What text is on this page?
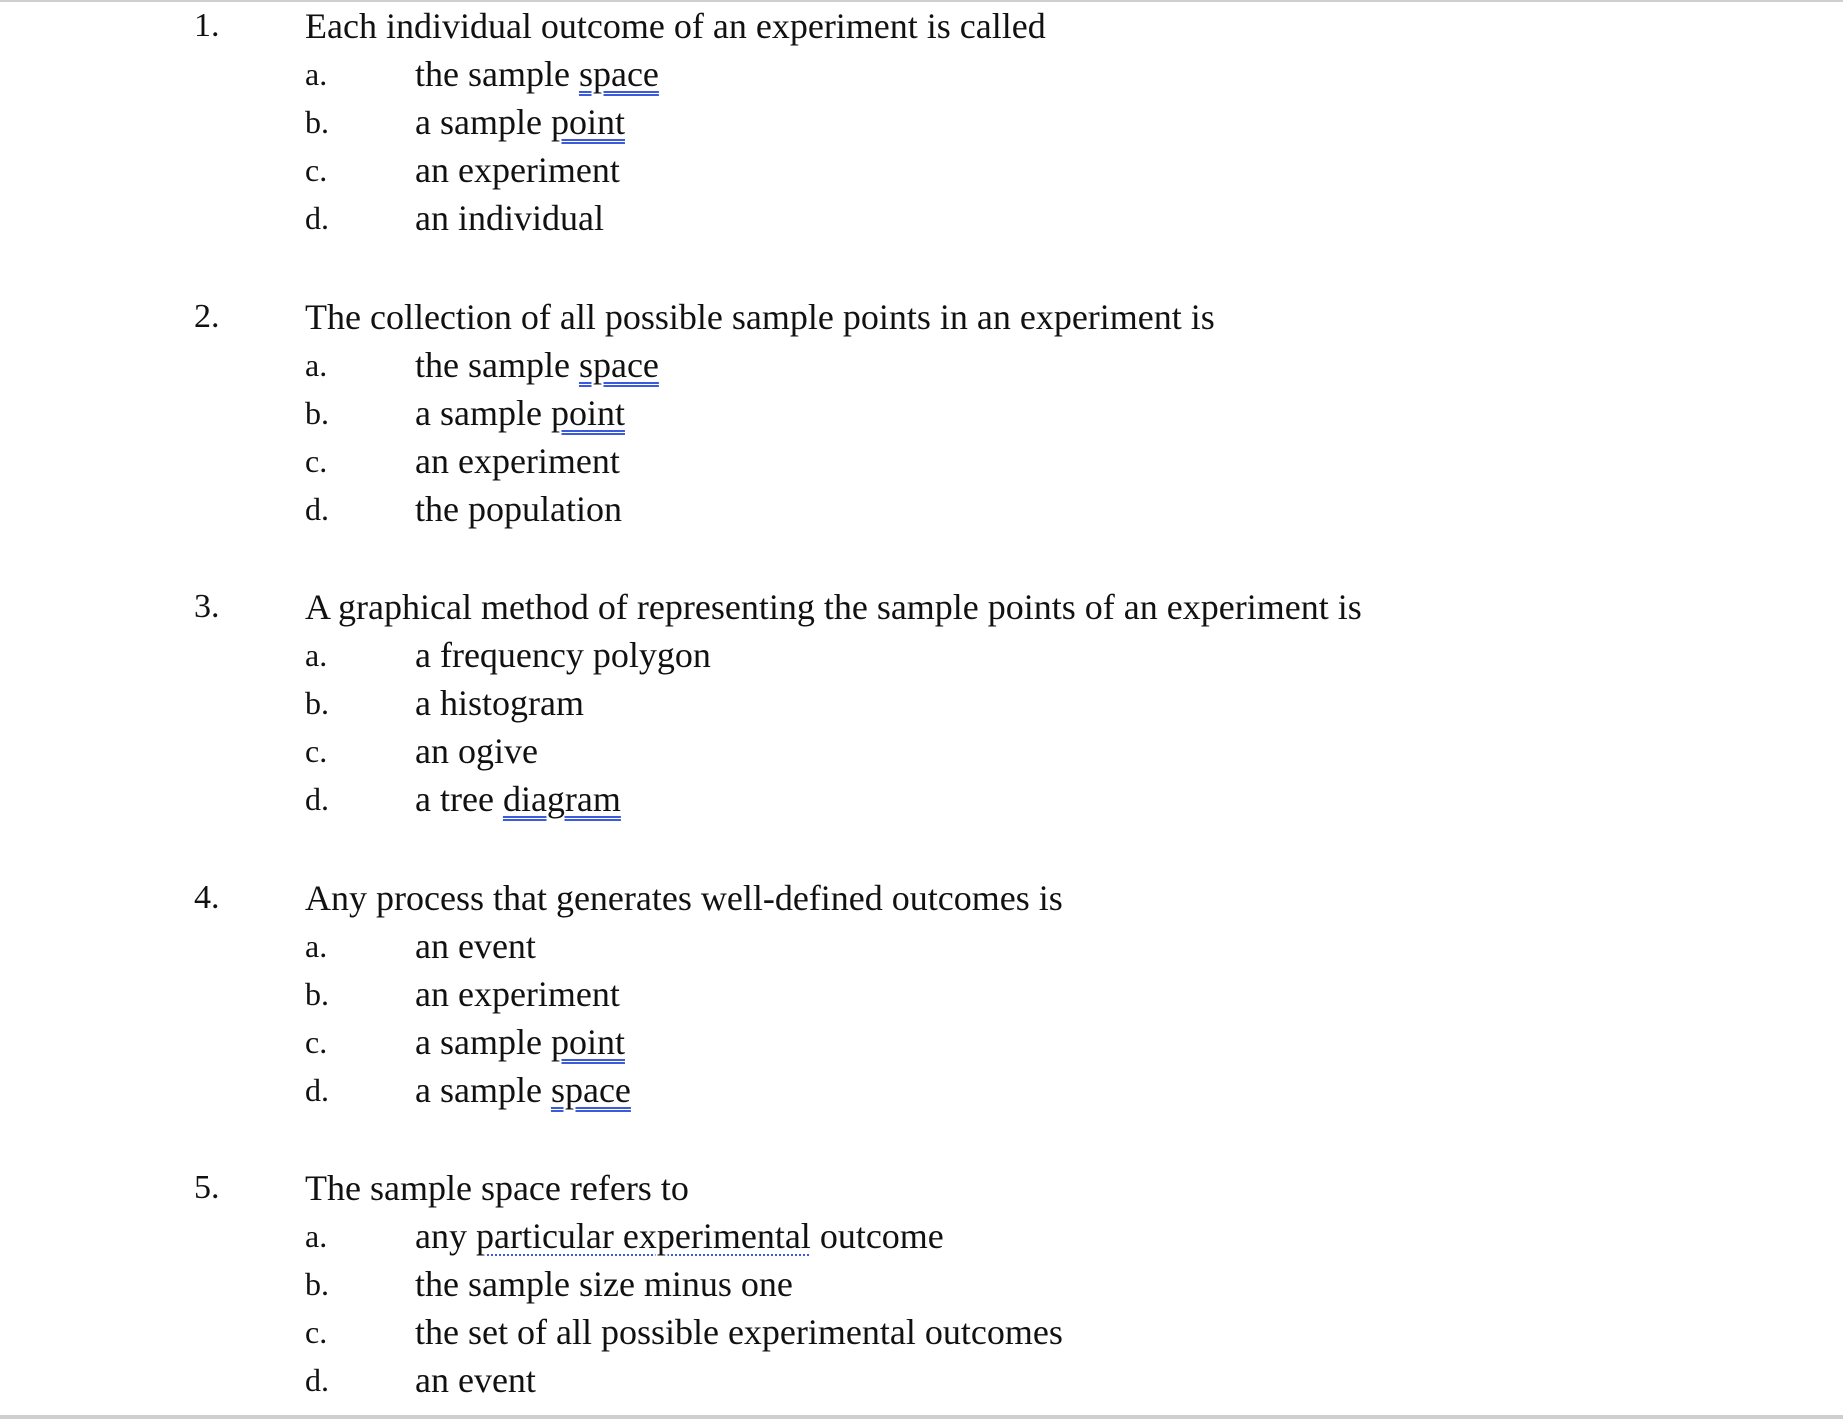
1. Each individual outcome of an experiment is called
a. the sample space
b. a sample point
c. an experiment
d. an individual
2. The collection of all possible sample points in an experiment is
a. the sample space
b. a sample point
c. an experiment
d. the population
3. A graphical method of representing the sample points of an experiment is
a. a frequency polygon
b. a histogram
c. an ogive
d. a tree diagram
4. Any process that generates well-defined outcomes is
a. an event
b. an experiment
c. a sample point
d. a sample space
5. The sample space refers to
a. any particular experimental outcome
b. the sample size minus one
c. the set of all possible experimental outcomes
d. an event
